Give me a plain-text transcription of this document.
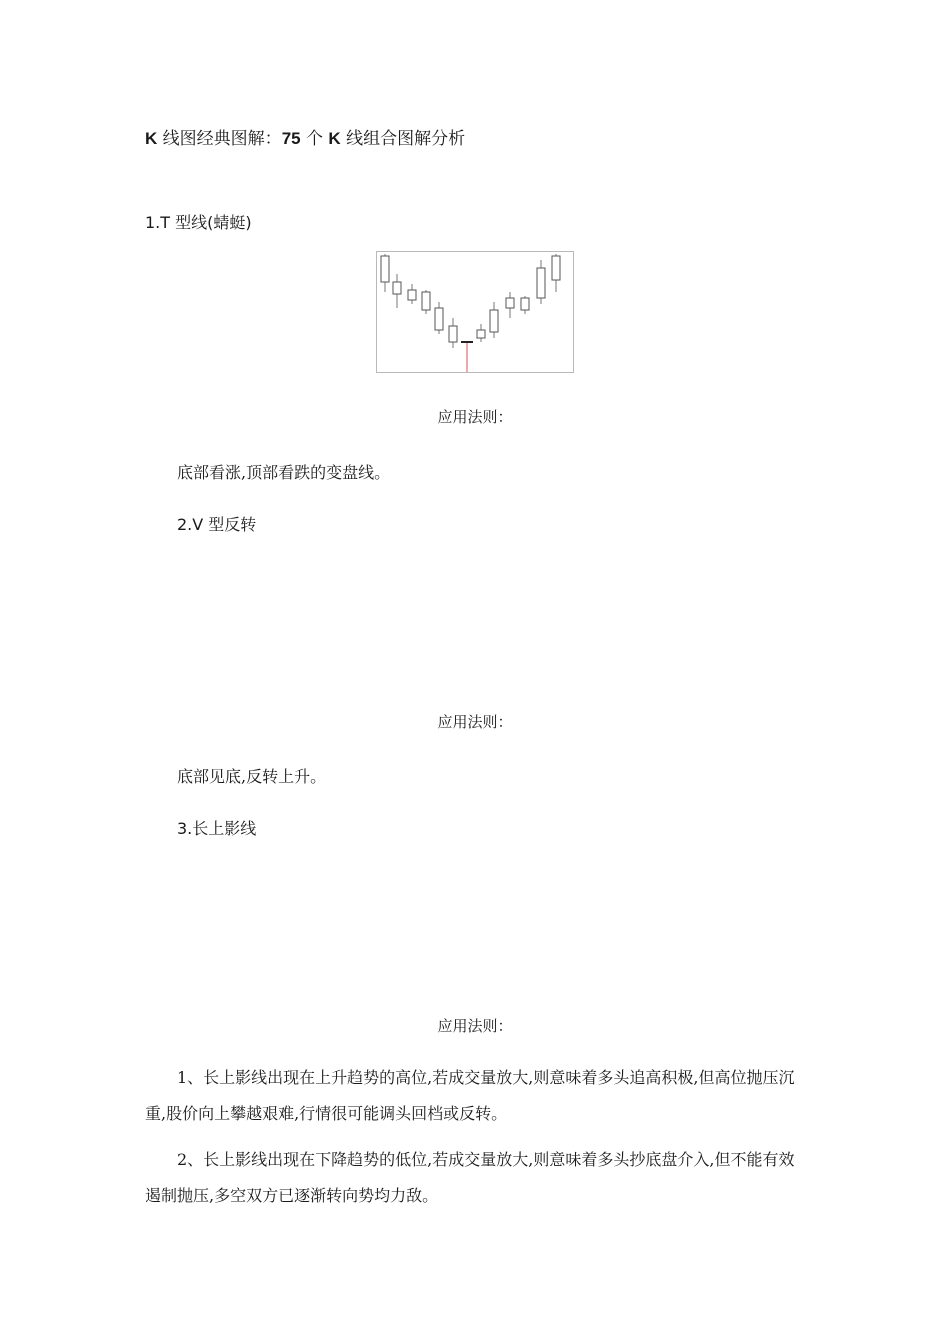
K 线图经典图解：75 个 K 线组合图解分析
1.T 型线(蜻蜓)
应用法则：
底部看涨,顶部看跌的变盘线。
2.V 型反转
应用法则：
底部见底,反转上升。
3.长上影线
应用法则：
1、长上影线出现在上升趋势的高位,若成交量放大,则意味着多头追高积极,但高位抛压沉重,股价向上攀越艰难,行情很可能调头回档或反转。
2、长上影线出现在下降趋势的低位,若成交量放大,则意味着多头抄底盘介入,但不能有效遏制抛压,多空双方已逐渐转向势均力敌。
